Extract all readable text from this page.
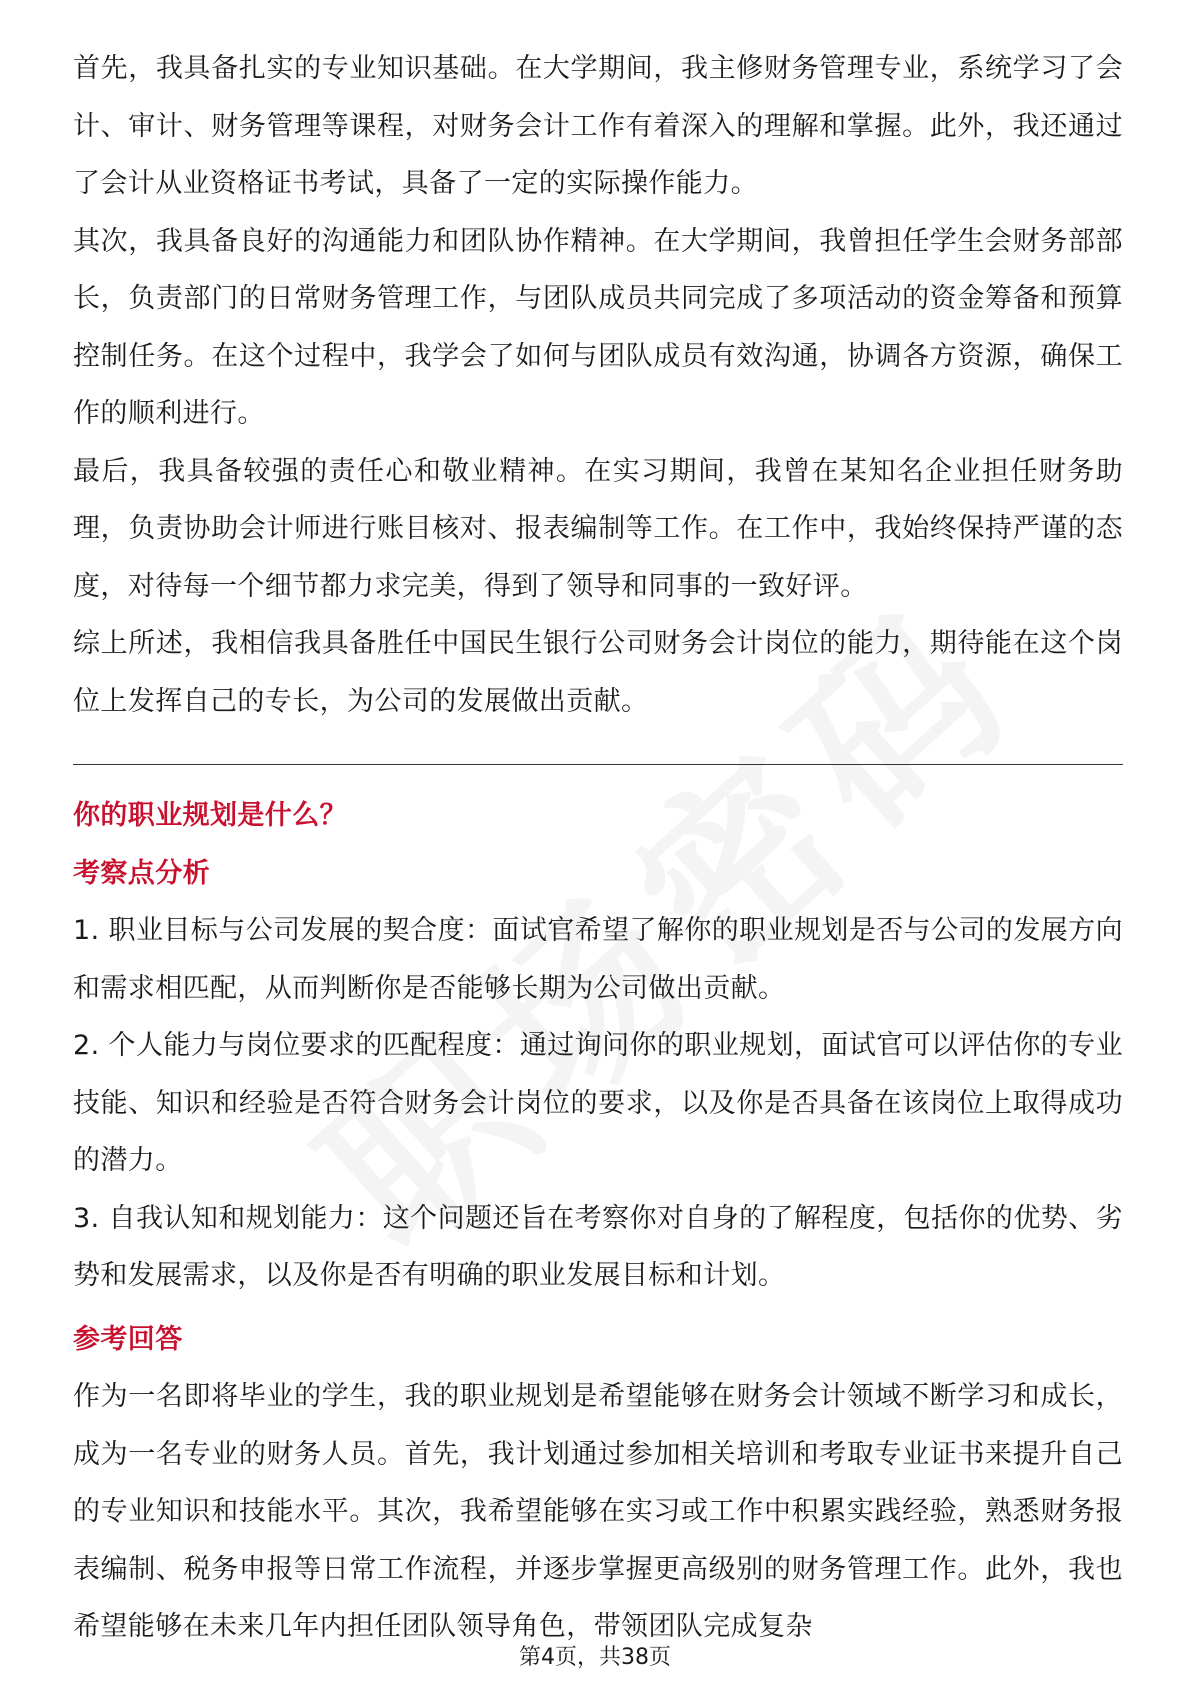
首先，我具备扎实的专业知识基础。在大学期间，我主修财务管理专业，系统学习了会计、审计、财务管理等课程，对财务会计工作有着深入的理解和掌握。此外，我还通过了会计从业资格证书考试，具备了一定的实际操作能力。

其次，我具备良好的沟通能力和团队协作精神。在大学期间，我曾担任学生会财务部部长，负责部门的日常财务管理工作，与团队成员共同完成了多项活动的资金筹备和预算控制任务。在这个过程中，我学会了如何与团队成员有效沟通，协调各方资源，确保工作的顺利进行。

最后，我具备较强的责任心和敬业精神。在实习期间，我曾在某知名企业担任财务助理，负责协助会计师进行账目核对、报表编制等工作。在工作中，我始终保持严谨的态度，对待每一个细节都力求完美，得到了领导和同事的一致好评。

综上所述，我相信我具备胜任中国民生银行公司财务会计岗位的能力，期待能在这个岗位上发挥自己的专长，为公司的发展做出贡献。

你的职业规划是什么？

考察点分析

1. 职业目标与公司发展的契合度：面试官希望了解你的职业规划是否与公司的发展方向和需求相匹配，从而判断你是否能够长期为公司做出贡献。

2. 个人能力与岗位要求的匹配程度：通过询问你的职业规划，面试官可以评估你的专业技能、知识和经验是否符合财务会计岗位的要求，以及你是否具备在该岗位上取得成功的潜力。

3. 自我认知和规划能力：这个问题还旨在考察你对自身的了解程度，包括你的优势、劣势和发展需求，以及你是否有明确的职业发展目标和计划。

参考回答

作为一名即将毕业的学生，我的职业规划是希望能够在财务会计领域不断学习和成长，成为一名专业的财务人员。首先，我计划通过参加相关培训和考取专业证书来提升自己的专业知识和技能水平。其次，我希望能够在实习或工作中积累实践经验，熟悉财务报表编制、税务申报等日常工作流程，并逐步掌握更高级别的财务管理工作。此外，我也希望能够在未来几年内担任团队领导角色，带领团队完成复杂

第4页，共38页
